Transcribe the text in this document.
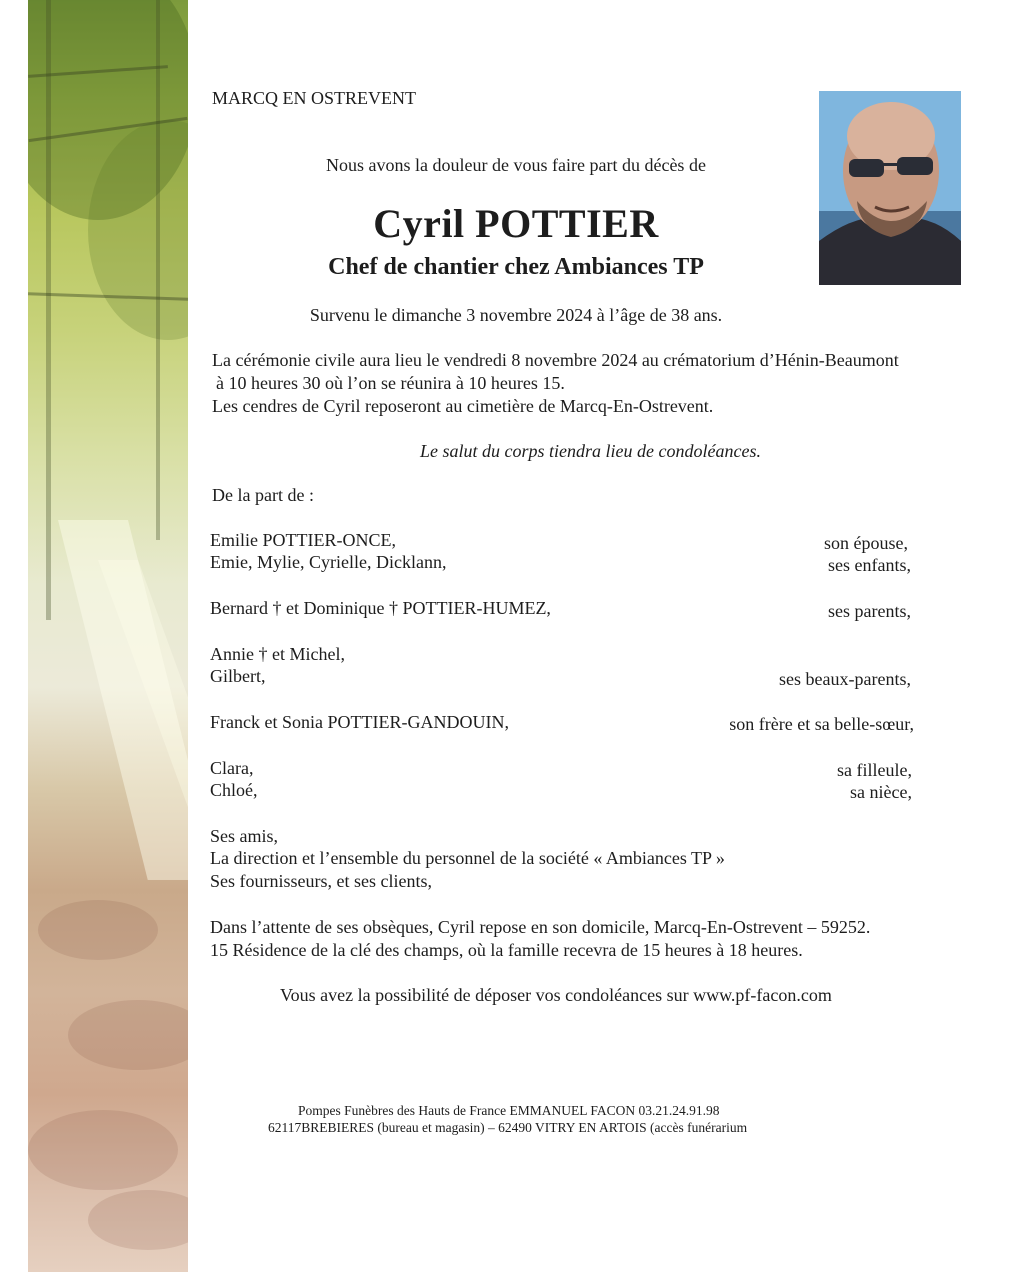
MARCQ EN OSTREVENT
Nous avons la douleur de vous faire part du décès de
Cyril POTTIER
Chef de chantier chez Ambiances TP
Survenu le dimanche 3 novembre 2024 à l’âge de 38 ans.
La cérémonie civile aura lieu le vendredi 8 novembre 2024 au crématorium d’Hénin-Beaumont
à 10 heures 30 où l’on se réunira à 10 heures 15.
Les cendres de Cyril reposeront au cimetière de Marcq-En-Ostrevent.
Le salut du corps tiendra lieu de condoléances.
De la part de :
Emilie POTTIER-ONCE,
Emie, Mylie, Cyrielle, Dicklann,
Bernard † et Dominique † POTTIER-HUMEZ,
Annie † et Michel,
Gilbert,
Franck et Sonia POTTIER-GANDOUIN,
Clara,
Chloé,
son épouse,
ses enfants,
ses parents,
ses beaux-parents,
son frère et sa belle-sœur,
sa filleule,
sa nièce,
Ses amis,
La direction et l’ensemble du personnel de la société « Ambiances TP »
Ses fournisseurs, et ses clients,
Dans l’attente de ses obsèques, Cyril repose en son domicile, Marcq-En-Ostrevent – 59252.
15 Résidence de la clé des champs, où la famille recevra de 15 heures à 18 heures.
Vous avez la possibilité de déposer vos condoléances sur www.pf-facon.com
Pompes Funèbres des Hauts de France EMMANUEL FACON 03.21.24.91.98
62117BREBIERES (bureau et magasin) – 62490 VITRY EN ARTOIS (accès funérarium
